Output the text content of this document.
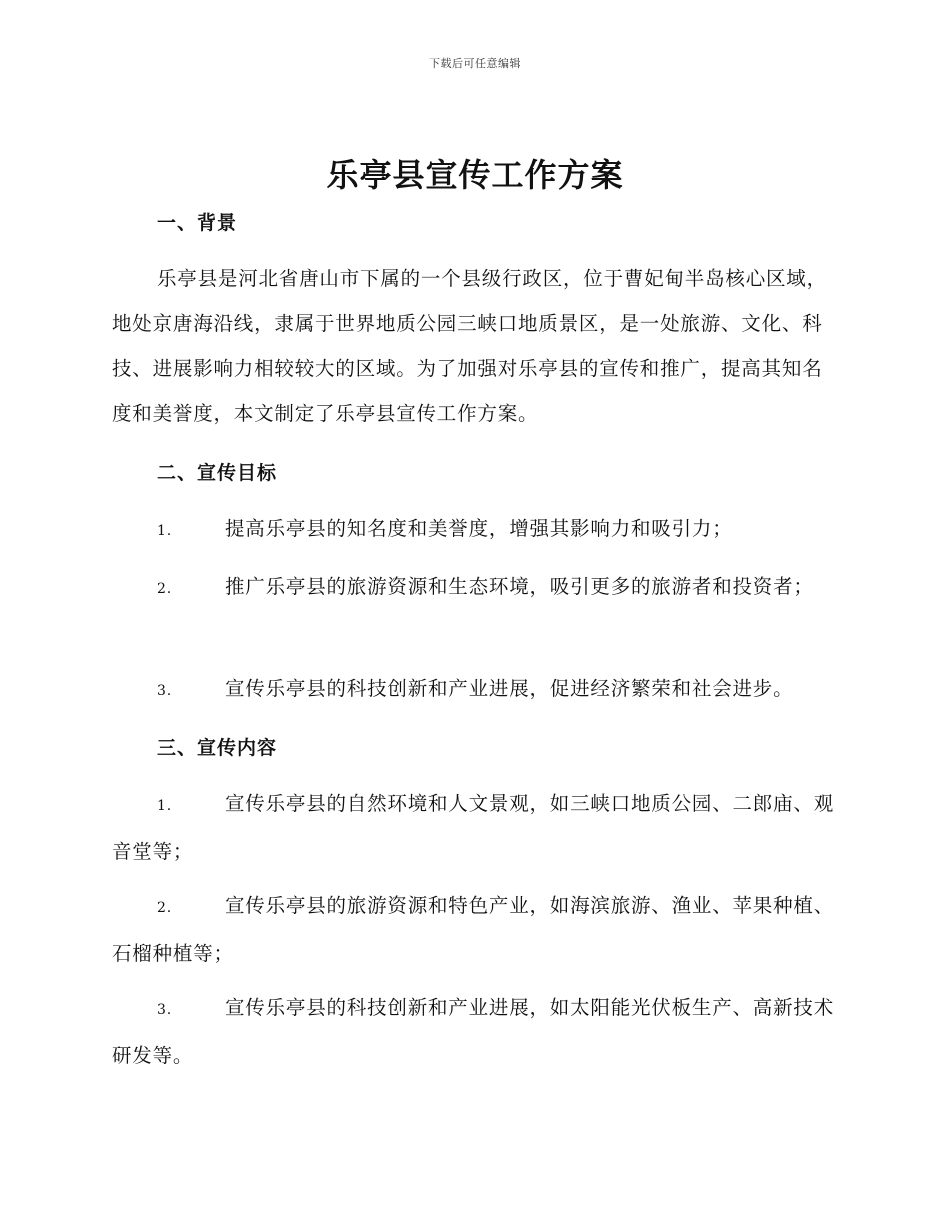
下载后可任意编辑
乐亭县宣传工作方案
一、背景

乐亭县是河北省唐山市下属的一个县级行政区，位于曹妃甸半岛核心区域，地处京唐海沿线，隶属于世界地质公园三峡口地质景区，是一处旅游、文化、科技、进展影响力相较较大的区域。为了加强对乐亭县的宣传和推广，提高其知名度和美誉度，本文制定了乐亭县宣传工作方案。

二、宣传目标

1.	提高乐亭县的知名度和美誉度，增强其影响力和吸引力；

2.	推广乐亭县的旅游资源和生态环境，吸引更多的旅游者和投资者；

3.	宣传乐亭县的科技创新和产业进展，促进经济繁荣和社会进步。

三、宣传内容

1.	宣传乐亭县的自然环境和人文景观，如三峡口地质公园、二郎庙、观音堂等；

2.	宣传乐亭县的旅游资源和特色产业，如海滨旅游、渔业、苹果种植、石榴种植等；

3.	宣传乐亭县的科技创新和产业进展，如太阳能光伏板生产、高新技术研发等。
